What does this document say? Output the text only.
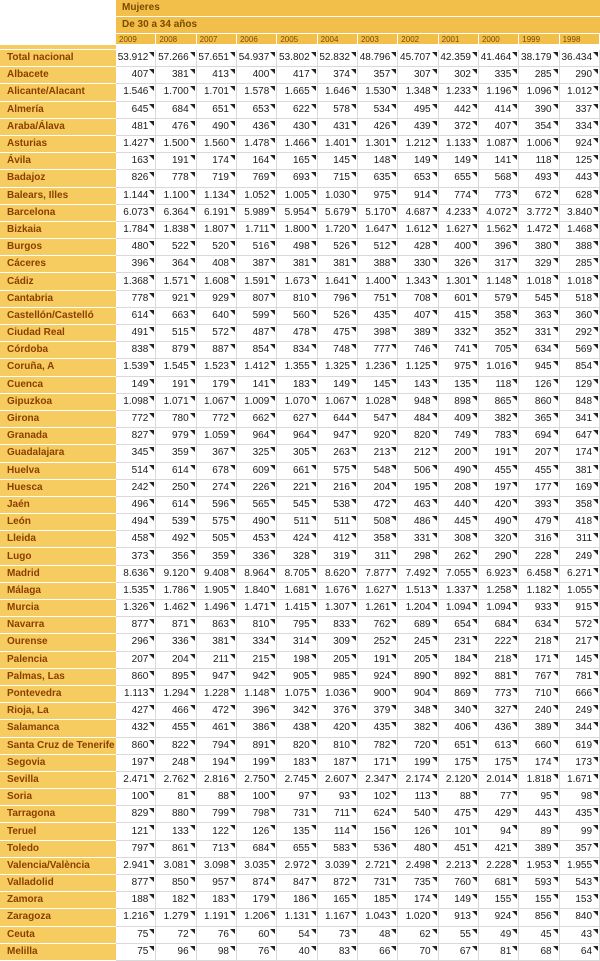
	Mujeres											
	De 30 a 34 años											
	2009	2008	2007	2006	2005	2004	2003	2002	2001	2000	1999	1998

Total nacional	53.912	57.266	57.651	54.937	53.802	52.832	48.796	45.707	42.359	41.464	38.179	36.434
Albacete	407	381	413	400	417	374	357	307	302	335	285	290
Alicante/Alacant	1.546	1.700	1.701	1.578	1.665	1.646	1.530	1.348	1.233	1.196	1.096	1.012
Almería	645	684	651	653	622	578	534	495	442	414	390	337
Araba/Álava	481	476	490	436	430	431	426	439	372	407	354	334
Asturias	1.427	1.500	1.560	1.478	1.466	1.401	1.301	1.212	1.133	1.087	1.006	924
Ávila	163	191	174	164	165	145	148	149	149	141	118	125
Badajoz	826	778	719	769	693	715	635	653	655	568	493	443
Balears, Illes	1.144	1.100	1.134	1.052	1.005	1.030	975	914	774	773	672	628
Barcelona	6.073	6.364	6.191	5.989	5.954	5.679	5.170	4.687	4.233	4.072	3.772	3.840
Bizkaia	1.784	1.838	1.807	1.711	1.800	1.720	1.647	1.612	1.627	1.562	1.472	1.468
Burgos	480	522	520	516	498	526	512	428	400	396	380	388
Cáceres	396	364	408	387	381	381	388	330	326	317	329	285
Cádiz	1.368	1.571	1.608	1.591	1.673	1.641	1.400	1.343	1.301	1.148	1.018	1.018
Cantabria	778	921	929	807	810	796	751	708	601	579	545	518
Castellón/Castelló	614	663	640	599	560	526	435	407	415	358	363	360
Ciudad Real	491	515	572	487	478	475	398	389	332	352	331	292
Córdoba	838	879	887	854	834	748	777	746	741	705	634	569
Coruña, A	1.539	1.545	1.523	1.412	1.355	1.325	1.236	1.125	975	1.016	945	854
Cuenca	149	191	179	141	183	149	145	143	135	118	126	129
Gipuzkoa	1.098	1.071	1.067	1.009	1.070	1.067	1.028	948	898	865	860	848
Girona	772	780	772	662	627	644	547	484	409	382	365	341
Granada	827	979	1.059	964	964	947	920	820	749	783	694	647
Guadalajara	345	359	367	325	305	263	213	212	200	191	207	174
Huelva	514	614	678	609	661	575	548	506	490	455	455	381
Huesca	242	250	274	226	221	216	204	195	208	197	177	169
Jaén	496	614	596	565	545	538	472	463	440	420	393	358
León	494	539	575	490	511	511	508	486	445	490	479	418
Lleida	458	492	505	453	424	412	358	331	308	320	316	311
Lugo	373	356	359	336	328	319	311	298	262	290	228	249
Madrid	8.636	9.120	9.408	8.964	8.705	8.620	7.877	7.492	7.055	6.923	6.458	6.271
Málaga	1.535	1.786	1.905	1.840	1.681	1.676	1.627	1.513	1.337	1.258	1.182	1.055
Murcia	1.326	1.462	1.496	1.471	1.415	1.307	1.261	1.204	1.094	1.094	933	915
Navarra	877	871	863	810	795	833	762	689	654	684	634	572
Ourense	296	336	381	334	314	309	252	245	231	222	218	217
Palencia	207	204	211	215	198	205	191	205	184	218	171	145
Palmas, Las	860	895	947	942	905	985	924	890	892	881	767	781
Pontevedra	1.113	1.294	1.228	1.148	1.075	1.036	900	904	869	773	710	666
Rioja, La	427	466	472	396	342	376	379	348	340	327	240	249
Salamanca	432	455	461	386	438	420	435	382	406	436	389	344
Santa Cruz de Tenerife	860	822	794	891	820	810	782	720	651	613	660	619
Segovia	197	248	194	199	183	187	171	199	175	175	174	173
Sevilla	2.471	2.762	2.816	2.750	2.745	2.607	2.347	2.174	2.120	2.014	1.818	1.671
Soria	100	81	88	100	97	93	102	113	88	77	95	98
Tarragona	829	880	799	798	731	711	624	540	475	429	443	435
Teruel	121	133	122	126	135	114	156	126	101	94	89	99
Toledo	797	861	713	684	655	583	536	480	451	421	389	357
Valencia/València	2.941	3.081	3.098	3.035	2.972	3.039	2.721	2.498	2.213	2.228	1.953	1.955
Valladolid	877	850	957	874	847	872	731	735	760	681	593	543
Zamora	188	182	183	179	186	165	185	174	149	155	155	153
Zaragoza	1.216	1.279	1.191	1.206	1.131	1.167	1.043	1.020	913	924	856	840
Ceuta	75	72	76	60	54	73	48	62	55	49	45	43
Melilla	75	96	98	76	40	83	66	70	67	81	68	64
